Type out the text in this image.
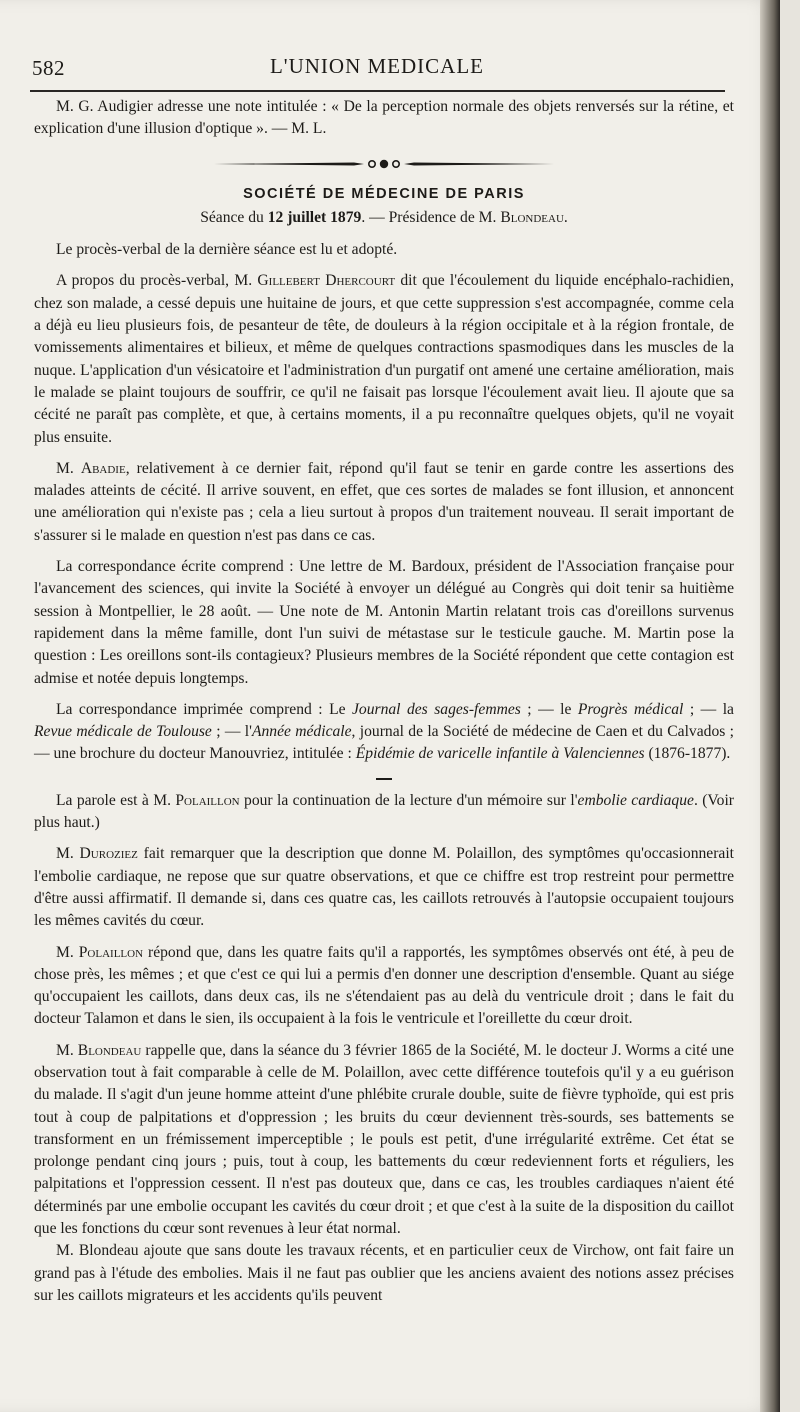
582	L'UNION MEDICALE

M. G. Audigier adresse une note intitulée : « De la perception normale des objets renversés sur la rétine, et explication d'une illusion d'optique ». — M. L.

SOCIÉTÉ DE MÉDECINE DE PARIS
Séance du 12 juillet 1879. — Présidence de M. Blondeau.

Le procès-verbal de la dernière séance est lu et adopté.

A propos du procès-verbal, M. Gillebert Dhercourt dit que l'écoulement du liquide encéphalo-rachidien, chez son malade, a cessé depuis une huitaine de jours, et que cette suppression s'est accompagnée, comme cela a déjà eu lieu plusieurs fois, de pesanteur de tête, de douleurs à la région occipitale et à la région frontale, de vomissements alimentaires et bilieux, et même de quelques contractions spasmodiques dans les muscles de la nuque. L'application d'un vésicatoire et l'administration d'un purgatif ont amené une certaine amélioration, mais le malade se plaint toujours de souffrir, ce qu'il ne faisait pas lorsque l'écoulement avait lieu. Il ajoute que sa cécité ne paraît pas complète, et que, à certains moments, il a pu reconnaître quelques objets, qu'il ne voyait plus ensuite.

M. Abadie, relativement à ce dernier fait, répond qu'il faut se tenir en garde contre les assertions des malades atteints de cécité. Il arrive souvent, en effet, que ces sortes de malades se font illusion, et annoncent une amélioration qui n'existe pas ; cela a lieu surtout à propos d'un traitement nouveau. Il serait important de s'assurer si le malade en question n'est pas dans ce cas.

La correspondance écrite comprend : Une lettre de M. Bardoux, président de l'Association française pour l'avancement des sciences, qui invite la Société à envoyer un délégué au Congrès qui doit tenir sa huitième session à Montpellier, le 28 août. — Une note de M. Antonin Martin relatant trois cas d'oreillons survenus rapidement dans la même famille, dont l'un suivi de métastase sur le testicule gauche. M. Martin pose la question : Les oreillons sont-ils contagieux? Plusieurs membres de la Société répondent que cette contagion est admise et notée depuis longtemps.

La correspondance imprimée comprend : Le Journal des sages-femmes ; — le Progrès médical ; — la Revue médicale de Toulouse ; — l'Année médicale, journal de la Société de médecine de Caen et du Calvados ; — une brochure du docteur Manouvriez, intitulée : Épidémie de varicelle infantile à Valenciennes (1876-1877).

La parole est à M. Polaillon pour la continuation de la lecture d'un mémoire sur l'embolie cardiaque. (Voir plus haut.)

M. Duroziez fait remarquer que la description que donne M. Polaillon, des symptômes qu'occasionnerait l'embolie cardiaque, ne repose que sur quatre observations, et que ce chiffre est trop restreint pour permettre d'être aussi affirmatif. Il demande si, dans ces quatre cas, les caillots retrouvés à l'autopsie occupaient toujours les mêmes cavités du cœur.

M. Polaillon répond que, dans les quatre faits qu'il a rapportés, les symptômes observés ont été, à peu de chose près, les mêmes ; et que c'est ce qui lui a permis d'en donner une description d'ensemble. Quant au siége qu'occupaient les caillots, dans deux cas, ils ne s'étendaient pas au delà du ventricule droit ; dans le fait du docteur Talamon et dans le sien, ils occupaient à la fois le ventricule et l'oreillette du cœur droit.

M. Blondeau rappelle que, dans la séance du 3 février 1865 de la Société, M. le docteur J. Worms a cité une observation tout à fait comparable à celle de M. Polaillon, avec cette différence toutefois qu'il y a eu guérison du malade. Il s'agit d'un jeune homme atteint d'une phlébite crurale double, suite de fièvre typhoïde, qui est pris tout à coup de palpitations et d'oppression ; les bruits du cœur deviennent très-sourds, ses battements se transforment en un frémissement imperceptible ; le pouls est petit, d'une irrégularité extrême. Cet état se prolonge pendant cinq jours ; puis, tout à coup, les battements du cœur redeviennent forts et réguliers, les palpitations et l'oppression cessent. Il n'est pas douteux que, dans ce cas, les troubles cardiaques n'aient été déterminés par une embolie occupant les cavités du cœur droit ; et que c'est à la suite de la disposition du caillot que les fonctions du cœur sont revenues à leur état normal.

M. Blondeau ajoute que sans doute les travaux récents, et en particulier ceux de Virchow, ont fait faire un grand pas à l'étude des embolies. Mais il ne faut pas oublier que les anciens avaient des notions assez précises sur les caillots migrateurs et les accidents qu'ils peuvent
